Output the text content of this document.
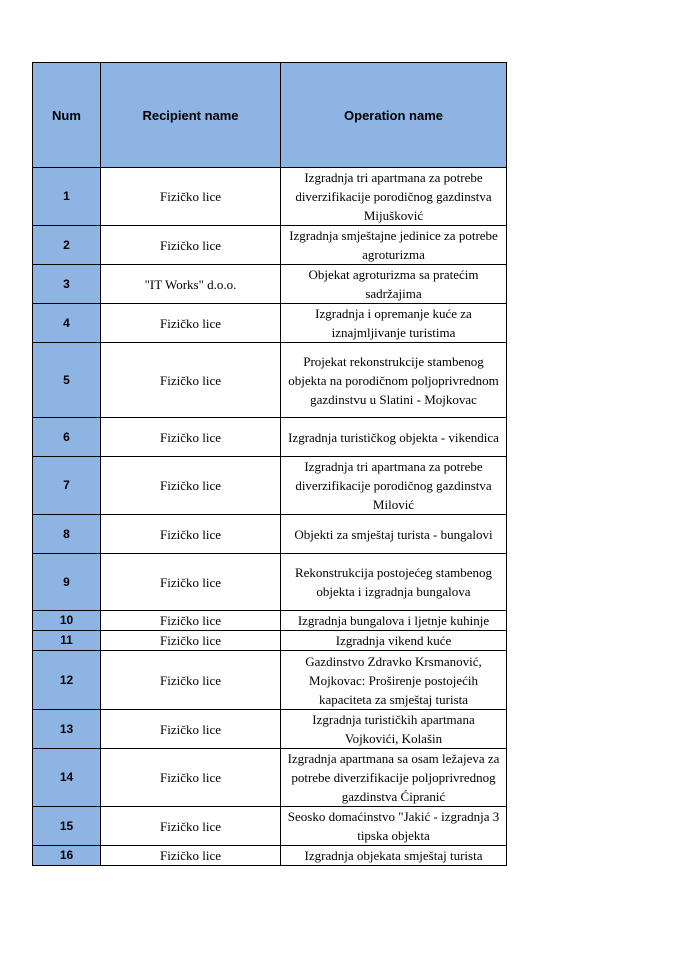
Num	Recipient name	Operation name
1	Fizičko lice	Izgradnja tri apartmana za potrebe diverzifikacije porodičnog gazdinstva Mijušković
2	Fizičko lice	Izgradnja smještajne jedinice za potrebe agroturizma
3	"IT Works" d.o.o.	Objekat agroturizma sa pratećim sadržajima
4	Fizičko lice	Izgradnja i opremanje kuće za iznajmljivanje turistima
5	Fizičko lice	Projekat rekonstrukcije stambenog objekta na porodičnom poljoprivrednom gazdinstvu u Slatini - Mojkovac
6	Fizičko lice	Izgradnja turističkog objekta - vikendica
7	Fizičko lice	Izgradnja tri apartmana za potrebe diverzifikacije porodičnog gazdinstva Milović
8	Fizičko lice	Objekti za smještaj turista - bungalovi
9	Fizičko lice	Rekonstrukcija postojećeg stambenog objekta i izgradnja bungalova
10	Fizičko lice	Izgradnja bungalova i ljetnje kuhinje
11	Fizičko lice	Izgradnja vikend kuće
12	Fizičko lice	Gazdinstvo Zdravko Krsmanović, Mojkovac: Proširenje postojećih kapaciteta za smještaj turista
13	Fizičko lice	Izgradnja turističkih apartmana Vojkovići, Kolašin
14	Fizičko lice	Izgradnja apartmana sa osam ležajeva za potrebe diverzifikacije poljoprivrednog gazdinstva Ćipranić
15	Fizičko lice	Seosko domaćinstvo "Jakić - izgradnja 3 tipska objekta
16	Fizičko lice	Izgradnja objekata smještaj turista
